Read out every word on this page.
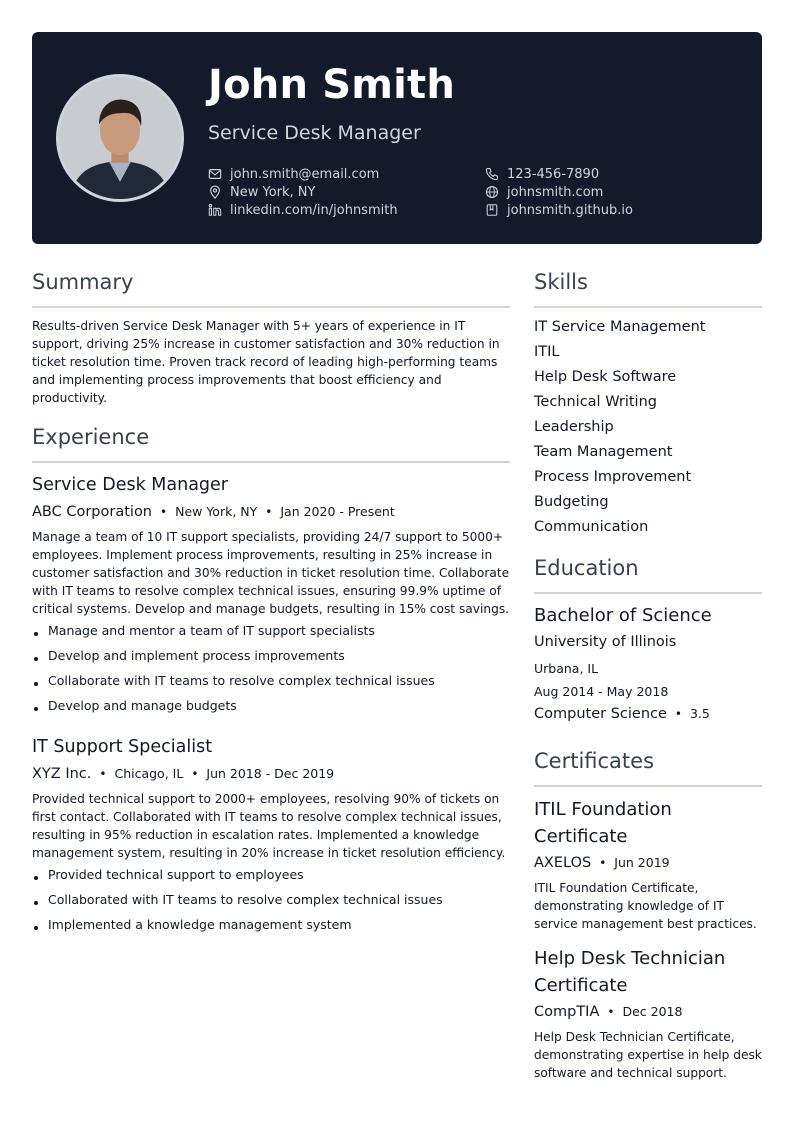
John Smith
Service Desk Manager
john.smith@email.com
New York, NY
linkedin.com/in/johnsmith
123-456-7890
johnsmith.com
johnsmith.github.io
Summary
Results-driven Service Desk Manager with 5+ years of experience in IT support, driving 25% increase in customer satisfaction and 30% reduction in ticket resolution time. Proven track record of leading high-performing teams and implementing process improvements that boost efficiency and productivity.
Experience
Service Desk Manager
ABC Corporation • New York, NY • Jan 2020 - Present
Manage a team of 10 IT support specialists, providing 24/7 support to 5000+ employees. Implement process improvements, resulting in 25% increase in customer satisfaction and 30% reduction in ticket resolution time. Collaborate with IT teams to resolve complex technical issues, ensuring 99.9% uptime of critical systems. Develop and manage budgets, resulting in 15% cost savings.
Manage and mentor a team of IT support specialists
Develop and implement process improvements
Collaborate with IT teams to resolve complex technical issues
Develop and manage budgets
IT Support Specialist
XYZ Inc. • Chicago, IL • Jun 2018 - Dec 2019
Provided technical support to 2000+ employees, resolving 90% of tickets on first contact. Collaborated with IT teams to resolve complex technical issues, resulting in 95% reduction in escalation rates. Implemented a knowledge management system, resulting in 20% increase in ticket resolution efficiency.
Provided technical support to employees
Collaborated with IT teams to resolve complex technical issues
Implemented a knowledge management system
Skills
IT Service Management
ITIL
Help Desk Software
Technical Writing
Leadership
Team Management
Process Improvement
Budgeting
Communication
Education
Bachelor of Science
University of Illinois
Urbana, IL
Aug 2014 - May 2018
Computer Science • 3.5
Certificates
ITIL Foundation Certificate
AXELOS • Jun 2019
ITIL Foundation Certificate, demonstrating knowledge of IT service management best practices.
Help Desk Technician Certificate
CompTIA • Dec 2018
Help Desk Technician Certificate, demonstrating expertise in help desk software and technical support.
